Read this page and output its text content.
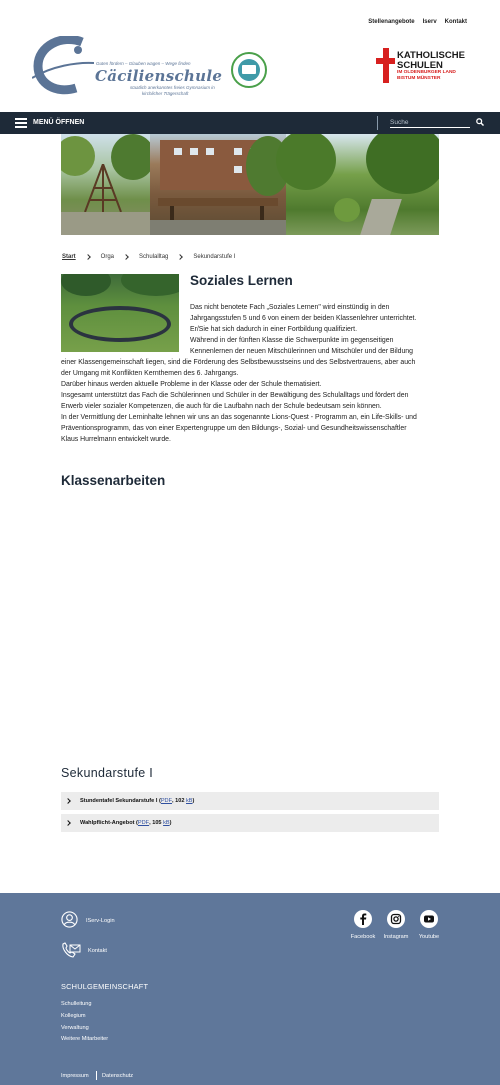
Stellenangebote Iserv Kontakt
Guten fördern – Glauben wagen – Wege finden
Cäcilienschule
staatlich anerkanntes freies Gymnasium in
kirchlicher Trägerschaft
KATHOLISCHE
SCHULEN
IM OLDENBURGER LAND
BISTUM MÜNSTER
MENÜ ÖFFNEN
Suche
Start	Orga	Schulalltag	Sekundarstufe I
Soziales Lernen
Das nicht benotete Fach „Soziales Lernen" wird einstündig in den
Jahrgangsstufen 5 und 6 von einem der beiden Klassenlehrer unterrichtet.
Er/Sie hat sich dadurch in einer Fortbildung qualifiziert.
Während in der fünften Klasse die Schwerpunkte im gegenseitigen
Kennenlernen der neuen Mitschülerinnen und Mitschüler und der Bildung
einer Klassengemeinschaft liegen, sind die Förderung des Selbstbewusstseins und des Selbstvertrauens, aber auch
der Umgang mit Konflikten Kernthemen des 6. Jahrgangs.
Darüber hinaus werden aktuelle Probleme in der Klasse oder der Schule thematisiert.
Insgesamt unterstützt das Fach die Schülerinnen und Schüler in der Bewältigung des Schulalltags und fördert den
Erwerb vieler sozialer Kompetenzen, die auch für die Laufbahn nach der Schule bedeutsam sein können.
In der Vermittlung der Lerninhalte lehnen wir uns an das sogenannte Lions-Quest - Programm an, ein Life-Skills- und
Präventionsprogramm, das von einer Expertengruppe um den Bildungs-, Sozial- und Gesundheitswissenschaftler
Klaus Hurrelmann entwickelt wurde.
Klassenarbeiten
Sekundarstufe I
Stundentafel Sekundarstufe I (PDF, 102 kB)
Wahlpflicht-Angebot (PDF, 105 kB)
IServ-Login
Kontakt
Facebook	Instagram	Youtube
SCHULGEMEINSCHAFT
Schulleitung
Kollegium
Verwaltung
Weitere Mitarbeiter
Impressum Datenschutz
